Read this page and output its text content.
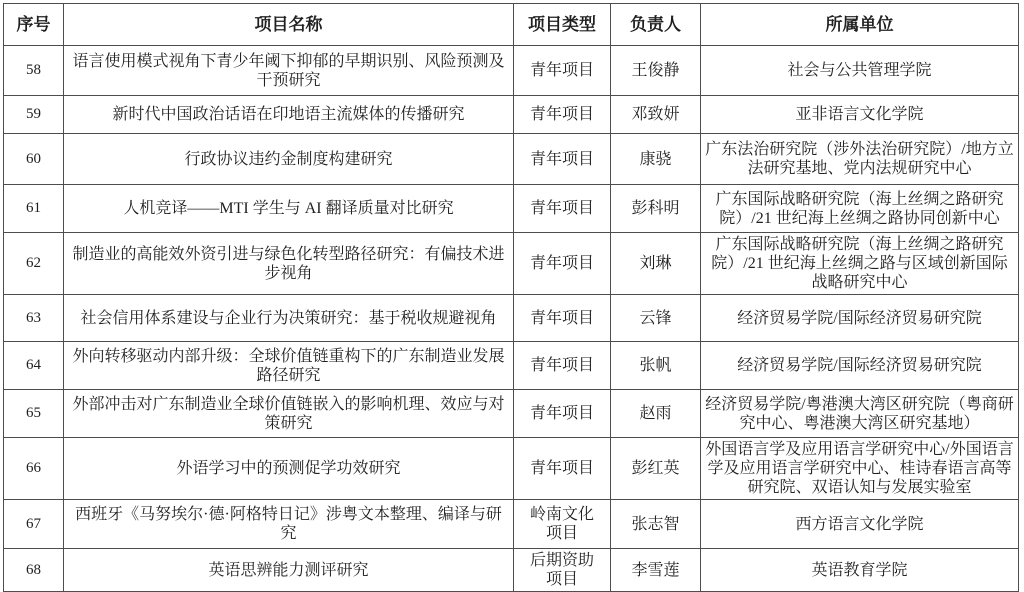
序号	项目名称	项目类型	负责人	所属单位
58	语言使用模式视角下青少年阈下抑郁的早期识别、风险预测及干预研究	青年项目	王俊静	社会与公共管理学院
59	新时代中国政治话语在印地语主流媒体的传播研究	青年项目	邓致妍	亚非语言文化学院
60	行政协议违约金制度构建研究	青年项目	康骁	广东法治研究院（涉外法治研究院）/地方立法研究基地、党内法规研究中心
61	人机竞译——MTI 学生与 AI 翻译质量对比研究	青年项目	彭科明	广东国际战略研究院（海上丝绸之路研究院）/21 世纪海上丝绸之路协同创新中心
62	制造业的高能效外资引进与绿色化转型路径研究：有偏技术进步视角	青年项目	刘琳	广东国际战略研究院（海上丝绸之路研究院）/21 世纪海上丝绸之路与区域创新国际战略研究中心
63	社会信用体系建设与企业行为决策研究：基于税收规避视角	青年项目	云锋	经济贸易学院/国际经济贸易研究院
64	外向转移驱动内部升级：全球价值链重构下的广东制造业发展路径研究	青年项目	张帆	经济贸易学院/国际经济贸易研究院
65	外部冲击对广东制造业全球价值链嵌入的影响机理、效应与对策研究	青年项目	赵雨	经济贸易学院/粤港澳大湾区研究院（粤商研究中心、粤港澳大湾区研究基地）
66	外语学习中的预测促学功效研究	青年项目	彭红英	外国语言学及应用语言学研究中心/外国语言学及应用语言学研究中心、桂诗春语言高等研究院、双语认知与发展实验室
67	西班牙《马努埃尔·德·阿格特日记》涉粤文本整理、编译与研究	岭南文化项目	张志智	西方语言文化学院
68	英语思辨能力测评研究	后期资助项目	李雪莲	英语教育学院
